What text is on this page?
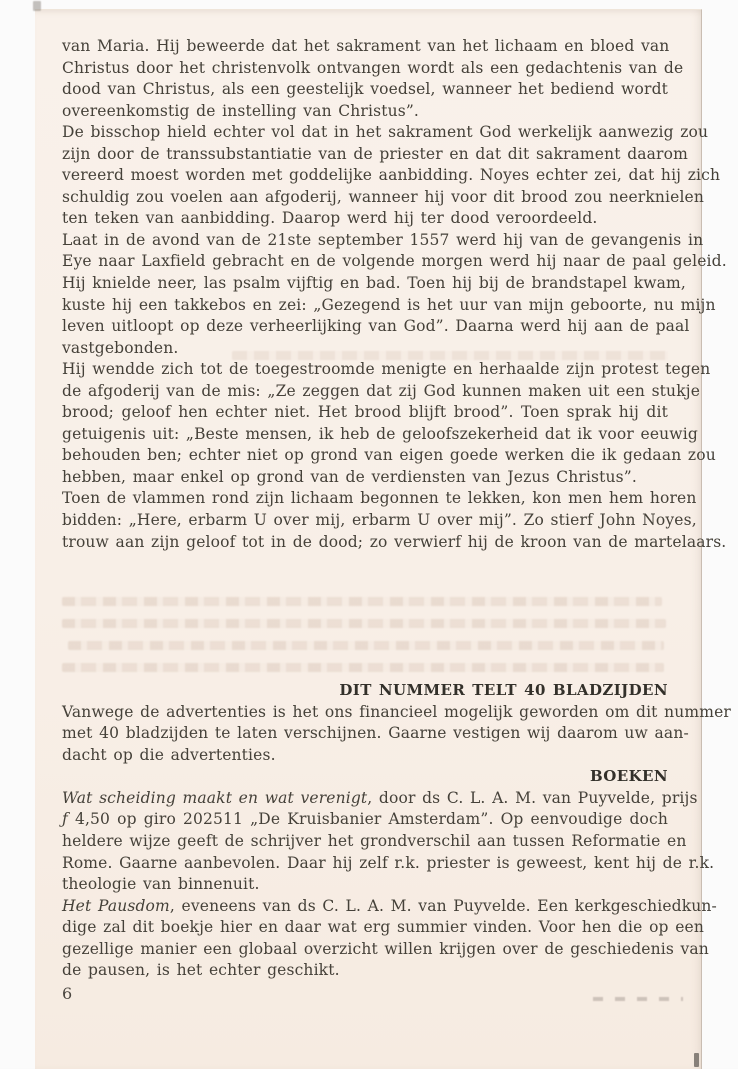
van Maria. Hij beweerde dat het sakrament van het lichaam en bloed van
Christus door het christenvolk ontvangen wordt als een gedachtenis van de
dood van Christus, als een geestelijk voedsel, wanneer het bediend wordt
overeenkomstig de instelling van Christus”.
De bisschop hield echter vol dat in het sakrament God werkelijk aanwezig zou
zijn door de transsubstantiatie van de priester en dat dit sakrament daarom
vereerd moest worden met goddelijke aanbidding. Noyes echter zei, dat hij zich
schuldig zou voelen aan afgoderij, wanneer hij voor dit brood zou neerknielen
ten teken van aanbidding. Daarop werd hij ter dood veroordeeld.
Laat in de avond van de 21ste september 1557 werd hij van de gevangenis in
Eye naar Laxfield gebracht en de volgende morgen werd hij naar de paal geleid.
Hij knielde neer, las psalm vijftig en bad. Toen hij bij de brandstapel kwam,
kuste hij een takkebos en zei: „Gezegend is het uur van mijn geboorte, nu mijn
leven uitloopt op deze verheerlijking van God”. Daarna werd hij aan de paal
vastgebonden.
Hij wendde zich tot de toegestroomde menigte en herhaalde zijn protest tegen
de afgoderij van de mis: „Ze zeggen dat zij God kunnen maken uit een stukje
brood; geloof hen echter niet. Het brood blijft brood”. Toen sprak hij dit
getuigenis uit: „Beste mensen, ik heb de geloofszekerheid dat ik voor eeuwig
behouden ben; echter niet op grond van eigen goede werken die ik gedaan zou
hebben, maar enkel op grond van de verdiensten van Jezus Christus”.
Toen de vlammen rond zijn lichaam begonnen te lekken, kon men hem horen
bidden: „Here, erbarm U over mij, erbarm U over mij”. Zo stierf John Noyes,
trouw aan zijn geloof tot in de dood; zo verwierf hij de kroon van de martelaars.
DIT NUMMER TELT 40 BLADZIJDEN
Vanwege de advertenties is het ons financieel mogelijk geworden om dit nummer
met 40 bladzijden te laten verschijnen. Gaarne vestigen wij daarom uw aan-
dacht op die advertenties.
BOEKEN
Wat scheiding maakt en wat verenigt, door ds C. L. A. M. van Puyvelde, prijs
ƒ 4,50 op giro 202511 „De Kruisbanier Amsterdam”. Op eenvoudige doch
heldere wijze geeft de schrijver het grondverschil aan tussen Reformatie en
Rome. Gaarne aanbevolen. Daar hij zelf r.k. priester is geweest, kent hij de r.k.
theologie van binnenuit.
Het Pausdom, eveneens van ds C. L. A. M. van Puyvelde. Een kerkgeschiedkun-
dige zal dit boekje hier en daar wat erg summier vinden. Voor hen die op een
gezellige manier een globaal overzicht willen krijgen over de geschiedenis van
de pausen, is het echter geschikt.
6
